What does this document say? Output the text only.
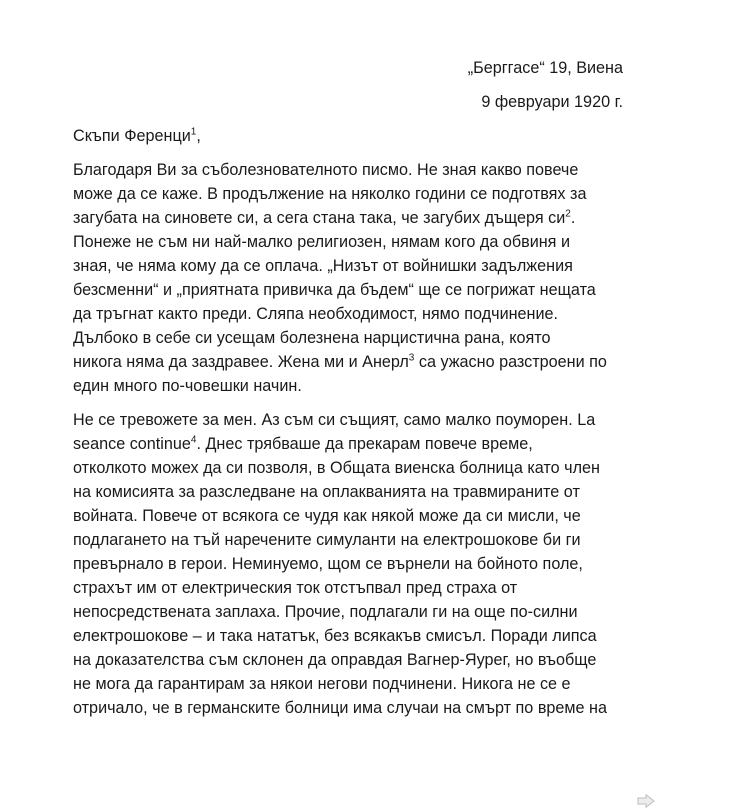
„Берггасе“ 19, Виена
9 февруари 1920 г.

Скъпи Ференци$^1$,

Благодаря Ви за съболезнователното писмо. Не зная какво повече
може да се каже. В продължение на няколко години се подготвях за
загубата на синовете си, а сега стана така, че загубих дъщеря $си^2$.
Понеже не съм ни най-малко религиозен, нямам кого да обвиня и
зная, че няма кому да се оплача. „Низът от войнишки задължения
безсменни“ и „приятната привичка да бъдем“ ще се погрижат нещата
да тръгнат както преди. Сляпа необходимост, нямо подчинение.
Дълбоко в себе си усещам болезнена нарцистична рана, която
никога няма да заздравее. Жена ми и Анерл$^3$ са ужасно разстроени по
един много по-човешки начин.

Не се тревожете за мен. Аз съм си същият, само малко поуморен. La
seance continue$^4$. Днес трябваше да прекарам повече време,
отколкото можех да си позволя, в Общата виенска болница като член
на комисията за разследване на оплакванията на травмираните от
войната. Повече от всякога се чудя как някой може да си мисли, че
подлагането на тъй наречените симуланти на електрошокове би ги
превърнало в герои. Неминуемо, щом се върнели на бойното поле,
страхът им от електрическия ток отстъпвал пред страха от
непосредствената заплаха. Прочие, подлагали ги на още по-силни
електрошокове – и така нататък, без всякакъв смисъл. Поради липса
на доказателства съм склонен да оправдая Вагнер-Яурег, но въобще
не мога да гарантирам за някои негови подчинени. Никога не се е
отричало, че в германските болници има случаи на смърт по време на
